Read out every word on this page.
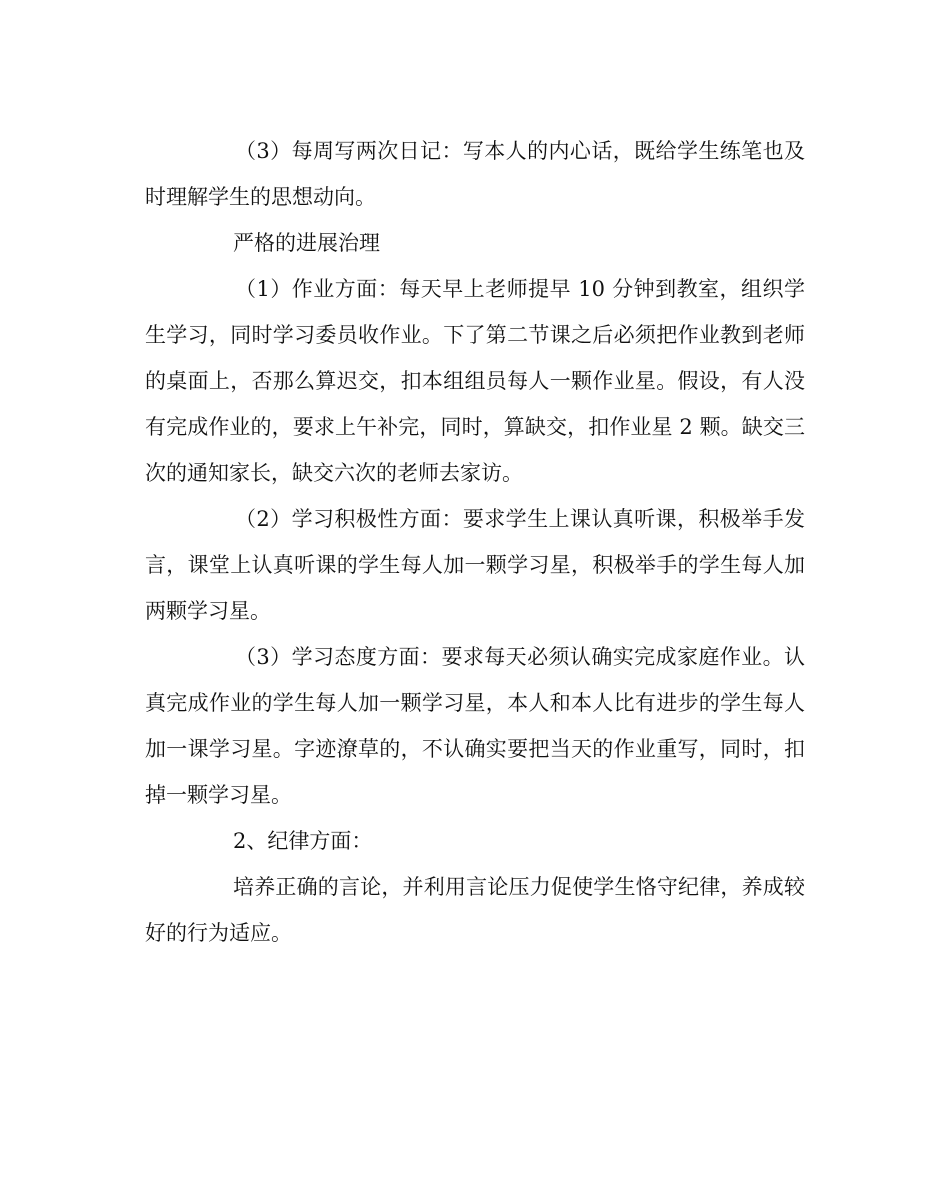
（3）每周写两次日记：写本人的内心话，既给学生练笔也及时理解学生的思想动向。

严格的进展治理

（1）作业方面：每天早上老师提早 10 分钟到教室，组织学生学习，同时学习委员收作业。下了第二节课之后必须把作业教到老师的桌面上，否那么算迟交，扣本组组员每人一颗作业星。假设，有人没有完成作业的，要求上午补完，同时，算缺交，扣作业星 2 颗。缺交三次的通知家长，缺交六次的老师去家访。

（2）学习积极性方面：要求学生上课认真听课，积极举手发言，课堂上认真听课的学生每人加一颗学习星，积极举手的学生每人加两颗学习星。

（3）学习态度方面：要求每天必须认确实完成家庭作业。认真完成作业的学生每人加一颗学习星，本人和本人比有进步的学生每人加一课学习星。字迹潦草的，不认确实要把当天的作业重写，同时，扣掉一颗学习星。

2、纪律方面：

培养正确的言论，并利用言论压力促使学生恪守纪律，养成较好的行为适应。
